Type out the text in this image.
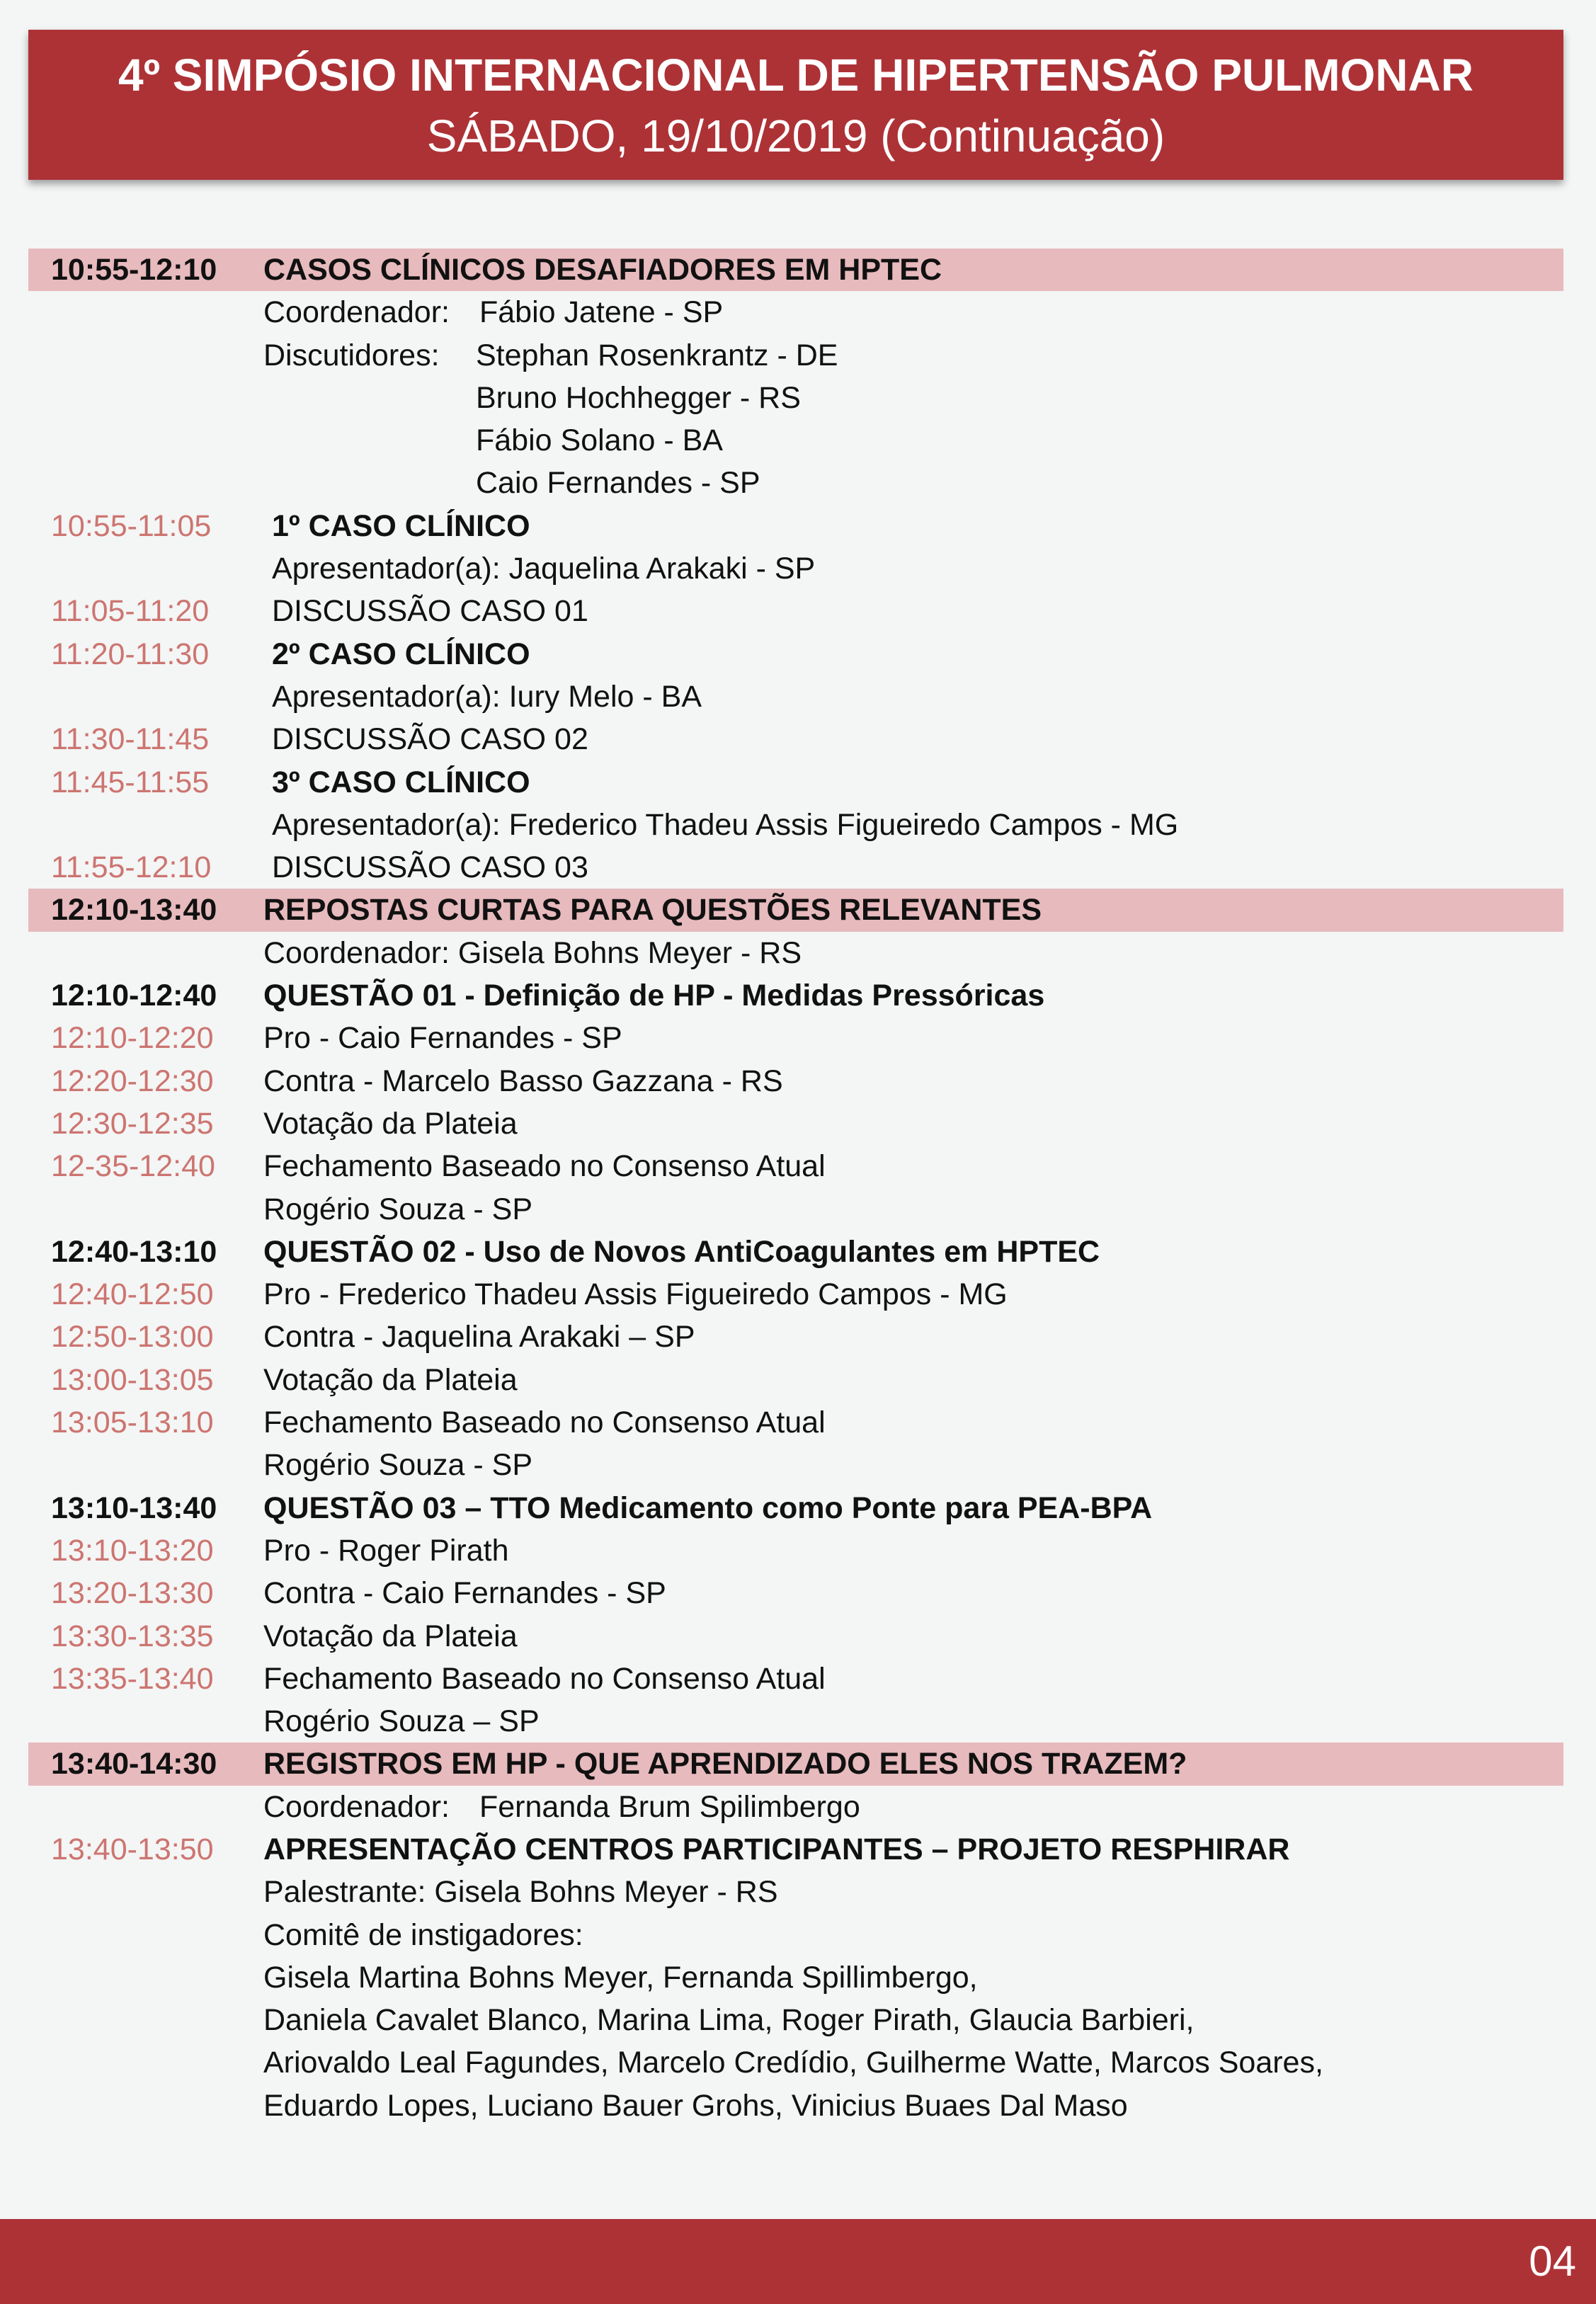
4º SIMPÓSIO INTERNACIONAL DE HIPERTENSÃO PULMONAR
SÁBADO, 19/10/2019 (Continuação)
10:55-12:10 CASOS CLÍNICOS DESAFIADORES EM HPTEC
Coordenador: Fábio Jatene - SP
Discutidores: Stephan Rosenkrantz - DE
Bruno Hochhegger - RS
Fábio Solano - BA
Caio Fernandes - SP
10:55-11:05 1º CASO CLÍNICO
Apresentador(a): Jaquelina Arakaki - SP
11:05-11:20 DISCUSSÃO CASO 01
11:20-11:30 2º CASO CLÍNICO
Apresentador(a): Iury Melo - BA
11:30-11:45 DISCUSSÃO CASO 02
11:45-11:55 3º CASO CLÍNICO
Apresentador(a): Frederico Thadeu Assis Figueiredo Campos - MG
11:55-12:10 DISCUSSÃO CASO 03
12:10-13:40 REPOSTAS CURTAS PARA QUESTÕES RELEVANTES
Coordenador: Gisela Bohns Meyer - RS
12:10-12:40 QUESTÃO 01 - Definição de HP - Medidas Pressóricas
12:10-12:20 Pro - Caio Fernandes - SP
12:20-12:30 Contra - Marcelo Basso Gazzana - RS
12:30-12:35 Votação da Plateia
12-35-12:40 Fechamento Baseado no Consenso Atual
Rogério Souza - SP
12:40-13:10 QUESTÃO 02 - Uso de Novos AntiCoagulantes em HPTEC
12:40-12:50 Pro - Frederico Thadeu Assis Figueiredo Campos - MG
12:50-13:00 Contra - Jaquelina Arakaki – SP
13:00-13:05 Votação da Plateia
13:05-13:10 Fechamento Baseado no Consenso Atual
Rogério Souza - SP
13:10-13:40 QUESTÃO 03 – TTO Medicamento como Ponte para PEA-BPA
13:10-13:20 Pro - Roger Pirath
13:20-13:30 Contra - Caio Fernandes - SP
13:30-13:35 Votação da Plateia
13:35-13:40 Fechamento Baseado no Consenso Atual
Rogério Souza – SP
13:40-14:30 REGISTROS EM HP - QUE APRENDIZADO ELES NOS TRAZEM?
Coordenador: Fernanda Brum Spilimbergo
13:40-13:50 APRESENTAÇÃO CENTROS PARTICIPANTES – PROJETO RESPHIRAR
Palestrante: Gisela Bohns Meyer - RS
Comitê de instigadores:
Gisela Martina Bohns Meyer, Fernanda Spillimbergo,
Daniela Cavalet Blanco, Marina Lima, Roger Pirath, Glaucia Barbieri,
Ariovaldo Leal Fagundes, Marcelo Credídio, Guilherme Watte, Marcos Soares,
Eduardo Lopes, Luciano Bauer Grohs, Vinicius Buaes Dal Maso
04
